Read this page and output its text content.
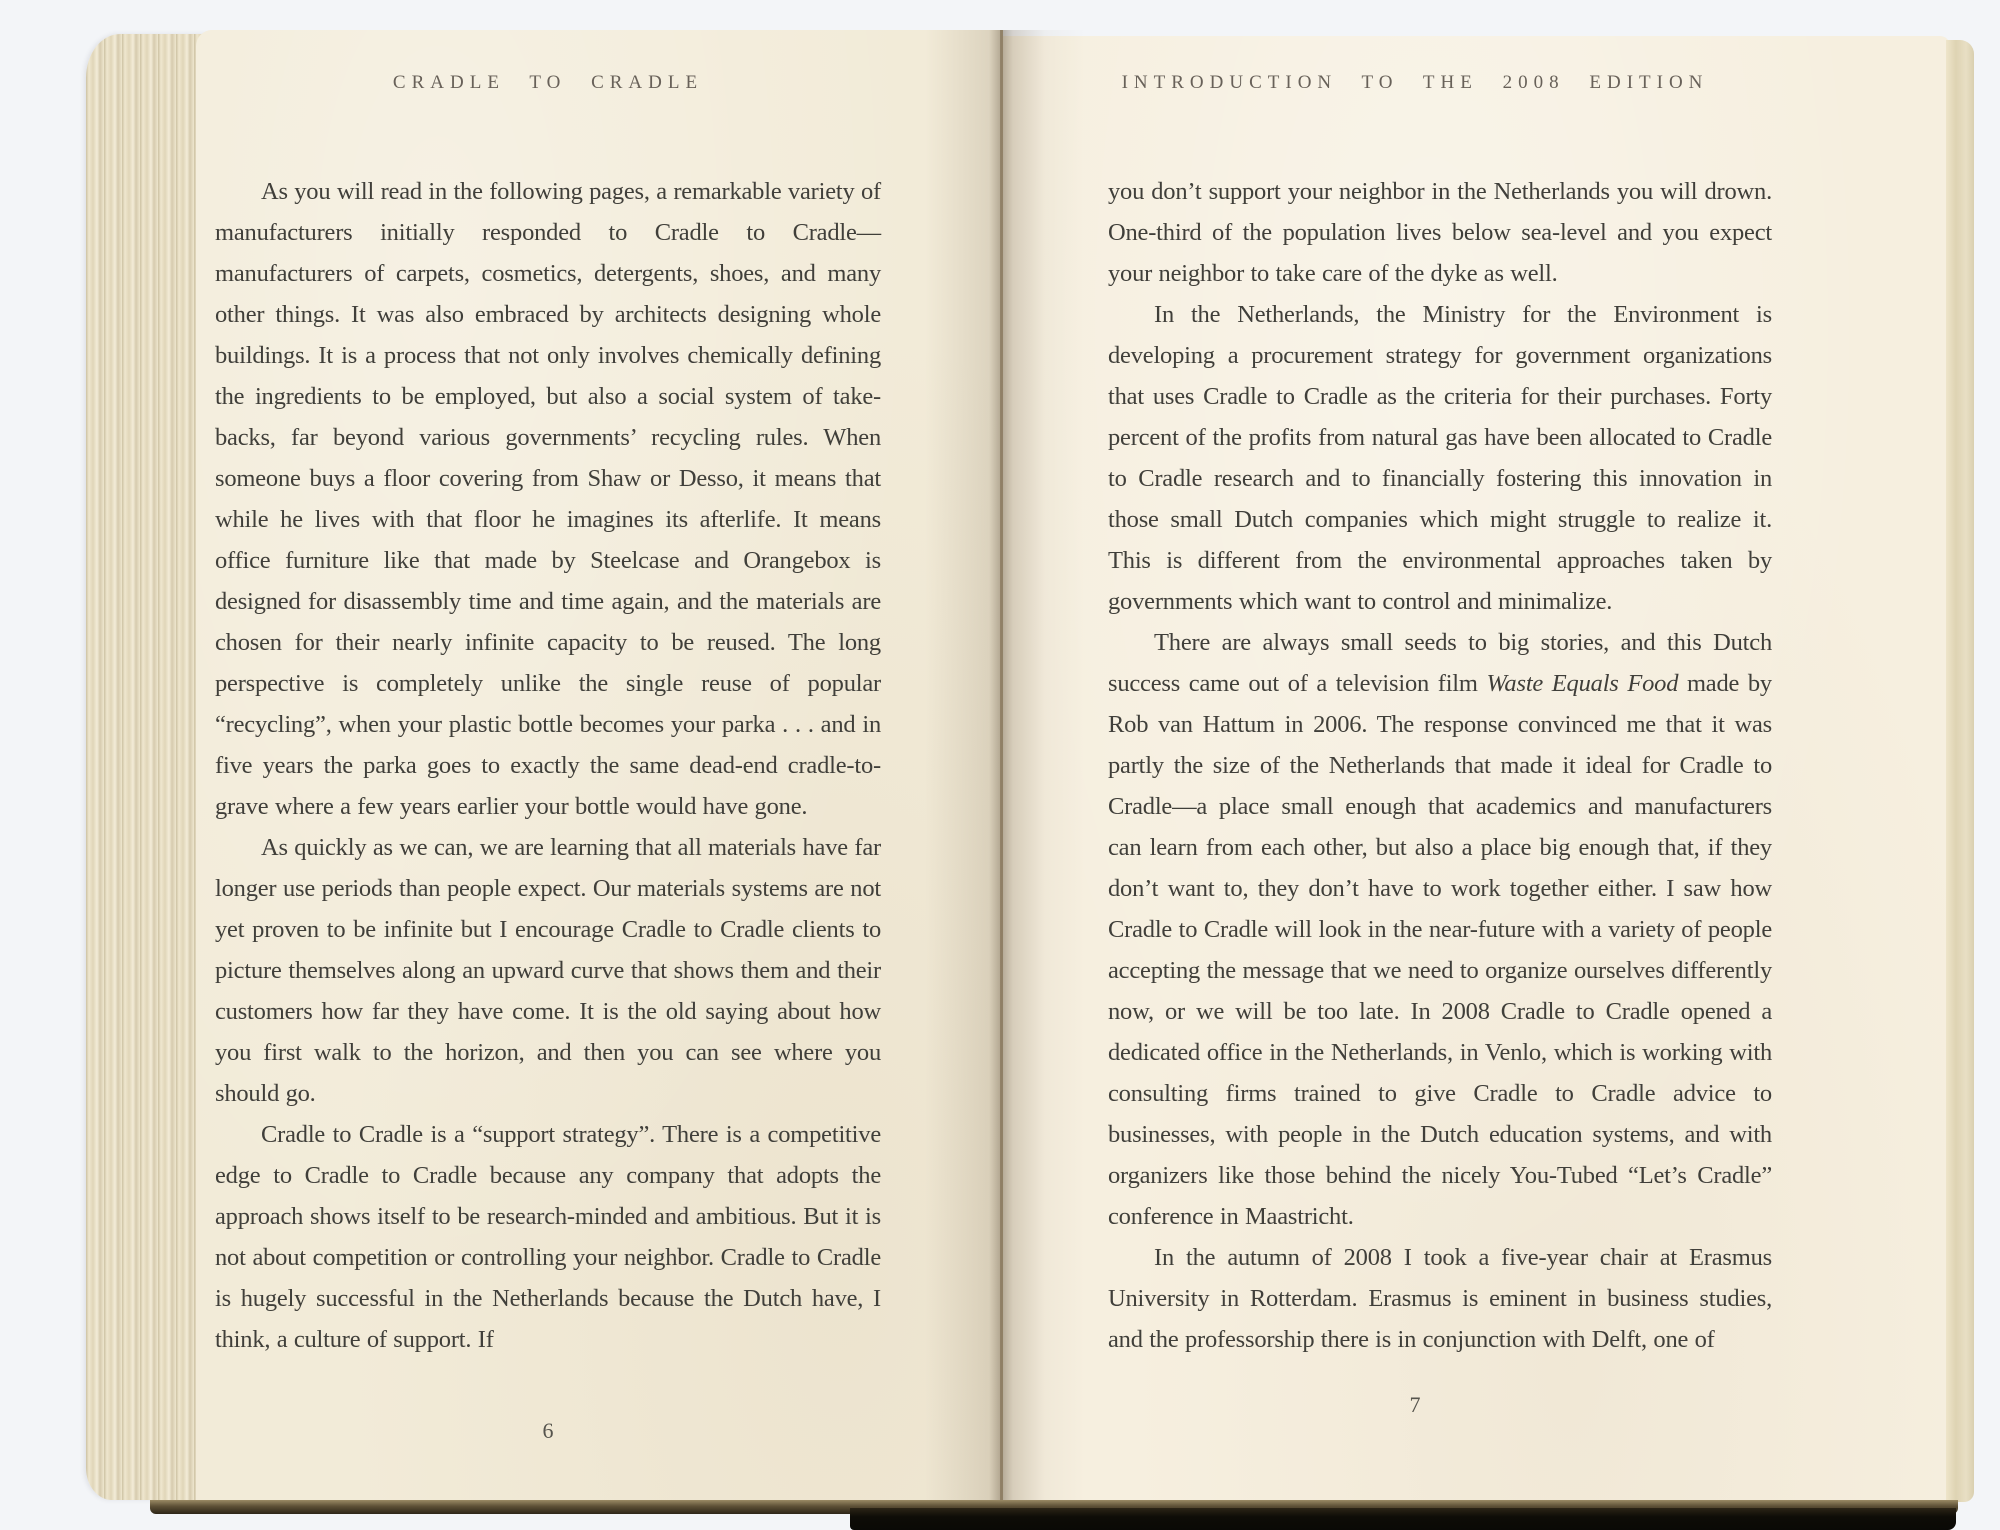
CRADLE TO CRADLE	INTRODUCTION TO THE 2008 EDITION

As you will read in the following pages, a remarkable variety of manufacturers initially responded to Cradle to Cradle— manufacturers of carpets, cosmetics, detergents, shoes, and many other things. It was also embraced by architects designing whole buildings. It is a process that not only involves chemically defining the ingredients to be employed, but also a social system of take-backs, far beyond various governments’ recycling rules. When someone buys a floor covering from Shaw or Desso, it means that while he lives with that floor he imagines its afterlife. It means office furniture like that made by Steelcase and Orangebox is designed for disassembly time and time again, and the materials are chosen for their nearly infinite capacity to be reused. The long perspective is completely unlike the single reuse of popular “recycling”, when your plastic bottle becomes your parka . . . and in five years the parka goes to exactly the same dead-end cradle-to-grave where a few years earlier your bottle would have gone.

As quickly as we can, we are learning that all materials have far longer use periods than people expect. Our materials systems are not yet proven to be infinite but I encourage Cradle to Cradle clients to picture themselves along an upward curve that shows them and their customers how far they have come. It is the old saying about how you first walk to the horizon, and then you can see where you should go.

Cradle to Cradle is a “support strategy”. There is a competitive edge to Cradle to Cradle because any company that adopts the approach shows itself to be research-minded and ambitious. But it is not about competition or controlling your neighbor. Cradle to Cradle is hugely successful in the Netherlands because the Dutch have, I think, a culture of support. If

you don’t support your neighbor in the Netherlands you will drown. One-third of the population lives below sea-level and you expect your neighbor to take care of the dyke as well.

In the Netherlands, the Ministry for the Environment is developing a procurement strategy for government organizations that uses Cradle to Cradle as the criteria for their purchases. Forty percent of the profits from natural gas have been allocated to Cradle to Cradle research and to financially fostering this innovation in those small Dutch companies which might struggle to realize it. This is different from the environmental approaches taken by governments which want to control and minimalize.

There are always small seeds to big stories, and this Dutch success came out of a television film Waste Equals Food made by Rob van Hattum in 2006. The response convinced me that it was partly the size of the Netherlands that made it ideal for Cradle to Cradle—a place small enough that academics and manufacturers can learn from each other, but also a place big enough that, if they don’t want to, they don’t have to work together either. I saw how Cradle to Cradle will look in the near-future with a variety of people accepting the message that we need to organize ourselves differently now, or we will be too late. In 2008 Cradle to Cradle opened a dedicated office in the Netherlands, in Venlo, which is working with consulting firms trained to give Cradle to Cradle advice to businesses, with people in the Dutch education systems, and with organizers like those behind the nicely You-Tubed “Let’s Cradle” conference in Maastricht.

In the autumn of 2008 I took a five-year chair at Erasmus University in Rotterdam. Erasmus is eminent in business studies, and the professorship there is in conjunction with Delft, one of

6
7
